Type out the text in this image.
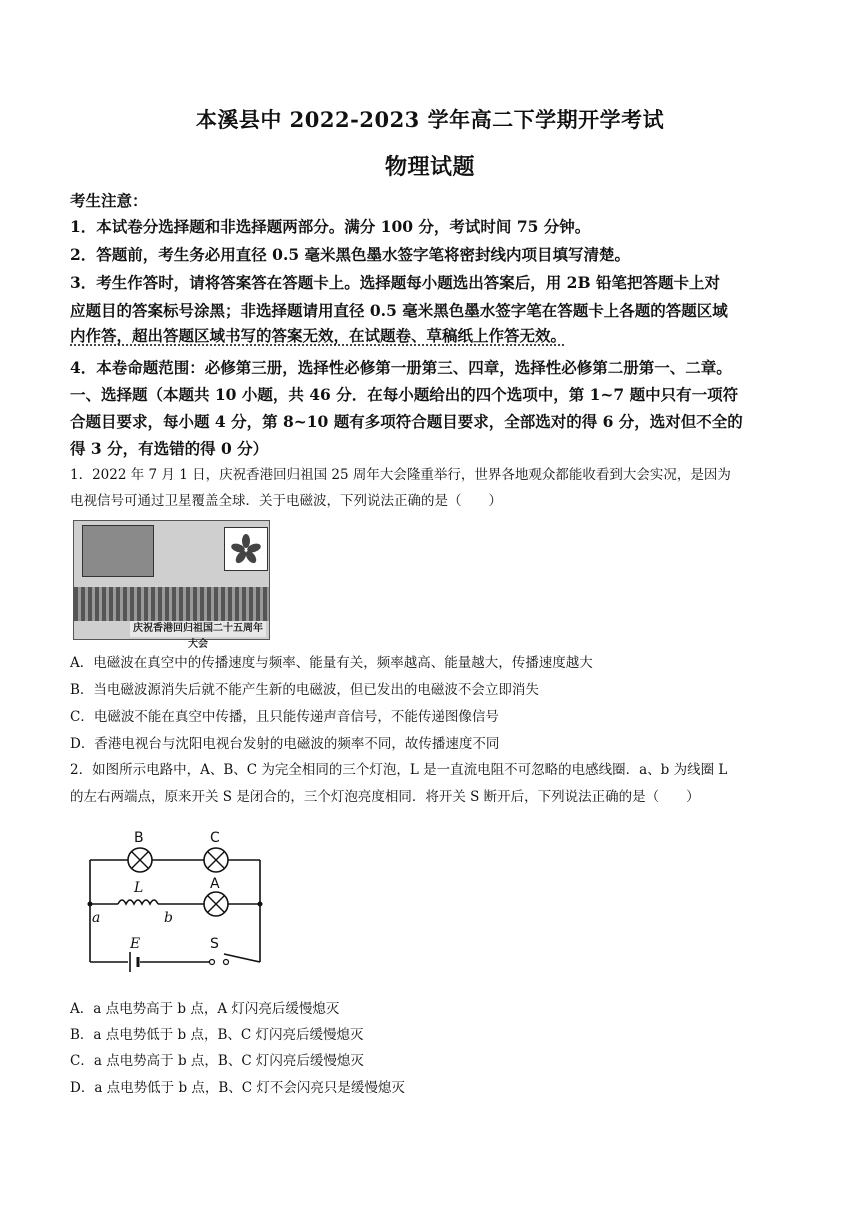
本溪县中 2022-2023 学年高二下学期开学考试
物理试题
考生注意：
1．本试卷分选择题和非选择题两部分。满分 100 分，考试时间 75 分钟。
2．答题前，考生务必用直径 0.5 毫米黑色墨水签字笔将密封线内项目填写清楚。
3．考生作答时，请将答案答在答题卡上。选择题每小题选出答案后，用 2B 铅笔把答题卡上对
应题目的答案标号涂黑；非选择题请用直径 0.5 毫米黑色墨水签字笔在答题卡上各题的答题区域
内作答，超出答题区域书写的答案无效，在试题卷、草稿纸上作答无效。
4．本卷命题范围：必修第三册，选择性必修第一册第三、四章，选择性必修第二册第一、二章。
一、选择题（本题共 10 小题，共 46 分．在每小题给出的四个选项中，第 1~7 题中只有一项符
合题目要求，每小题 4 分，第 8~10 题有多项符合题目要求，全部选对的得 6 分，选对但不全的
得 3 分，有选错的得 0 分）
1．2022 年 7 月 1 日，庆祝香港回归祖国 25 周年大会隆重举行，世界各地观众都能收看到大会实况，是因为
电视信号可通过卫星覆盖全球．关于电磁波，下列说法正确的是（　　）
庆祝香港回归祖国二十五周年大会
A．电磁波在真空中的传播速度与频率、能量有关，频率越高、能量越大，传播速度越大
B．当电磁波源消失后就不能产生新的电磁波，但已发出的电磁波不会立即消失
C．电磁波不能在真空中传播，且只能传递声音信号，不能传递图像信号
D．香港电视台与沈阳电视台发射的电磁波的频率不同，故传播速度不同
2．如图所示电路中，A、B、C 为完全相同的三个灯泡，L 是一直流电阻不可忽略的电感线圈．a、b 为线圈 L
的左右两端点，原来开关 S 是闭合的，三个灯泡亮度相同．将开关 S 断开后，下列说法正确的是（　　）
B	C
A
L
a	b
E	S
A．a 点电势高于 b 点，A 灯闪亮后缓慢熄灭
B．a 点电势低于 b 点，B、C 灯闪亮后缓慢熄灭
C．a 点电势高于 b 点，B、C 灯闪亮后缓慢熄灭
D．a 点电势低于 b 点，B、C 灯不会闪亮只是缓慢熄灭
